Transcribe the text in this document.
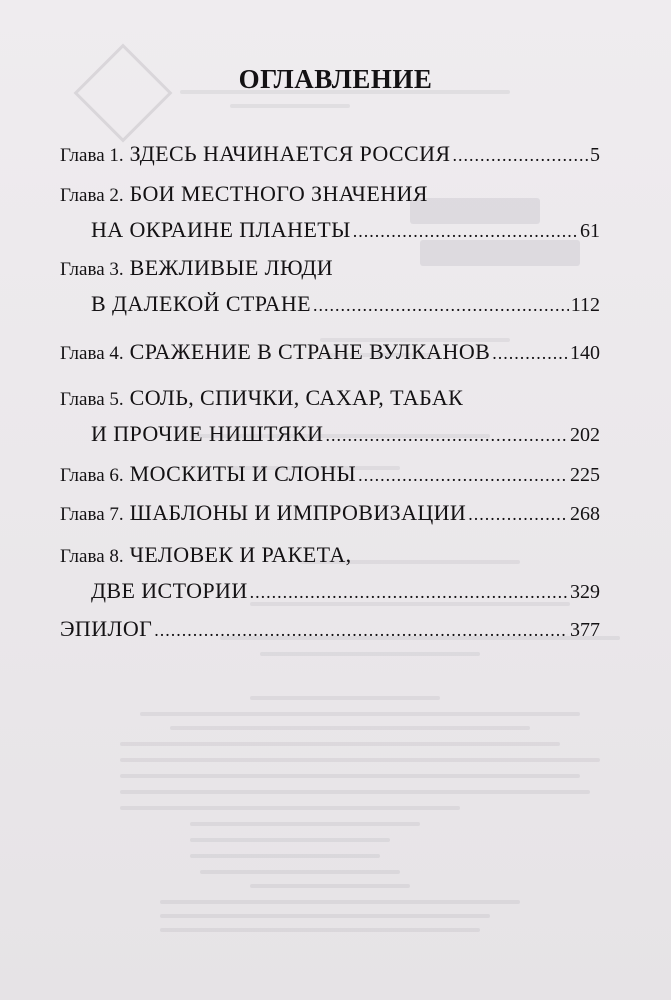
ОГЛАВЛЕНИЕ
Глава 1. ЗДЕСЬ НАЧИНАЕТСЯ РОССИЯ .....	5
Глава 2. БОИ МЕСТНОГО ЗНАЧЕНИЯ
НА ОКРАИНЕ ПЛАНЕТЫ .....	61
Глава 3. ВЕЖЛИВЫЕ ЛЮДИ
В ДАЛЕКОЙ СТРАНЕ .....	112
Глава 4. СРАЖЕНИЕ В СТРАНЕ ВУЛКАНОВ .....	140
Глава 5. СОЛЬ, СПИЧКИ, САХАР, ТАБАК
И ПРОЧИЕ НИШТЯКИ .....	202
Глава 6. МОСКИТЫ И СЛОНЫ .....	225
Глава 7. ШАБЛОНЫ И ИМПРОВИЗАЦИИ .....	268
Глава 8. ЧЕЛОВЕК И РАКЕТА,
ДВЕ ИСТОРИИ .....	329
ЭПИЛОГ .....	377
